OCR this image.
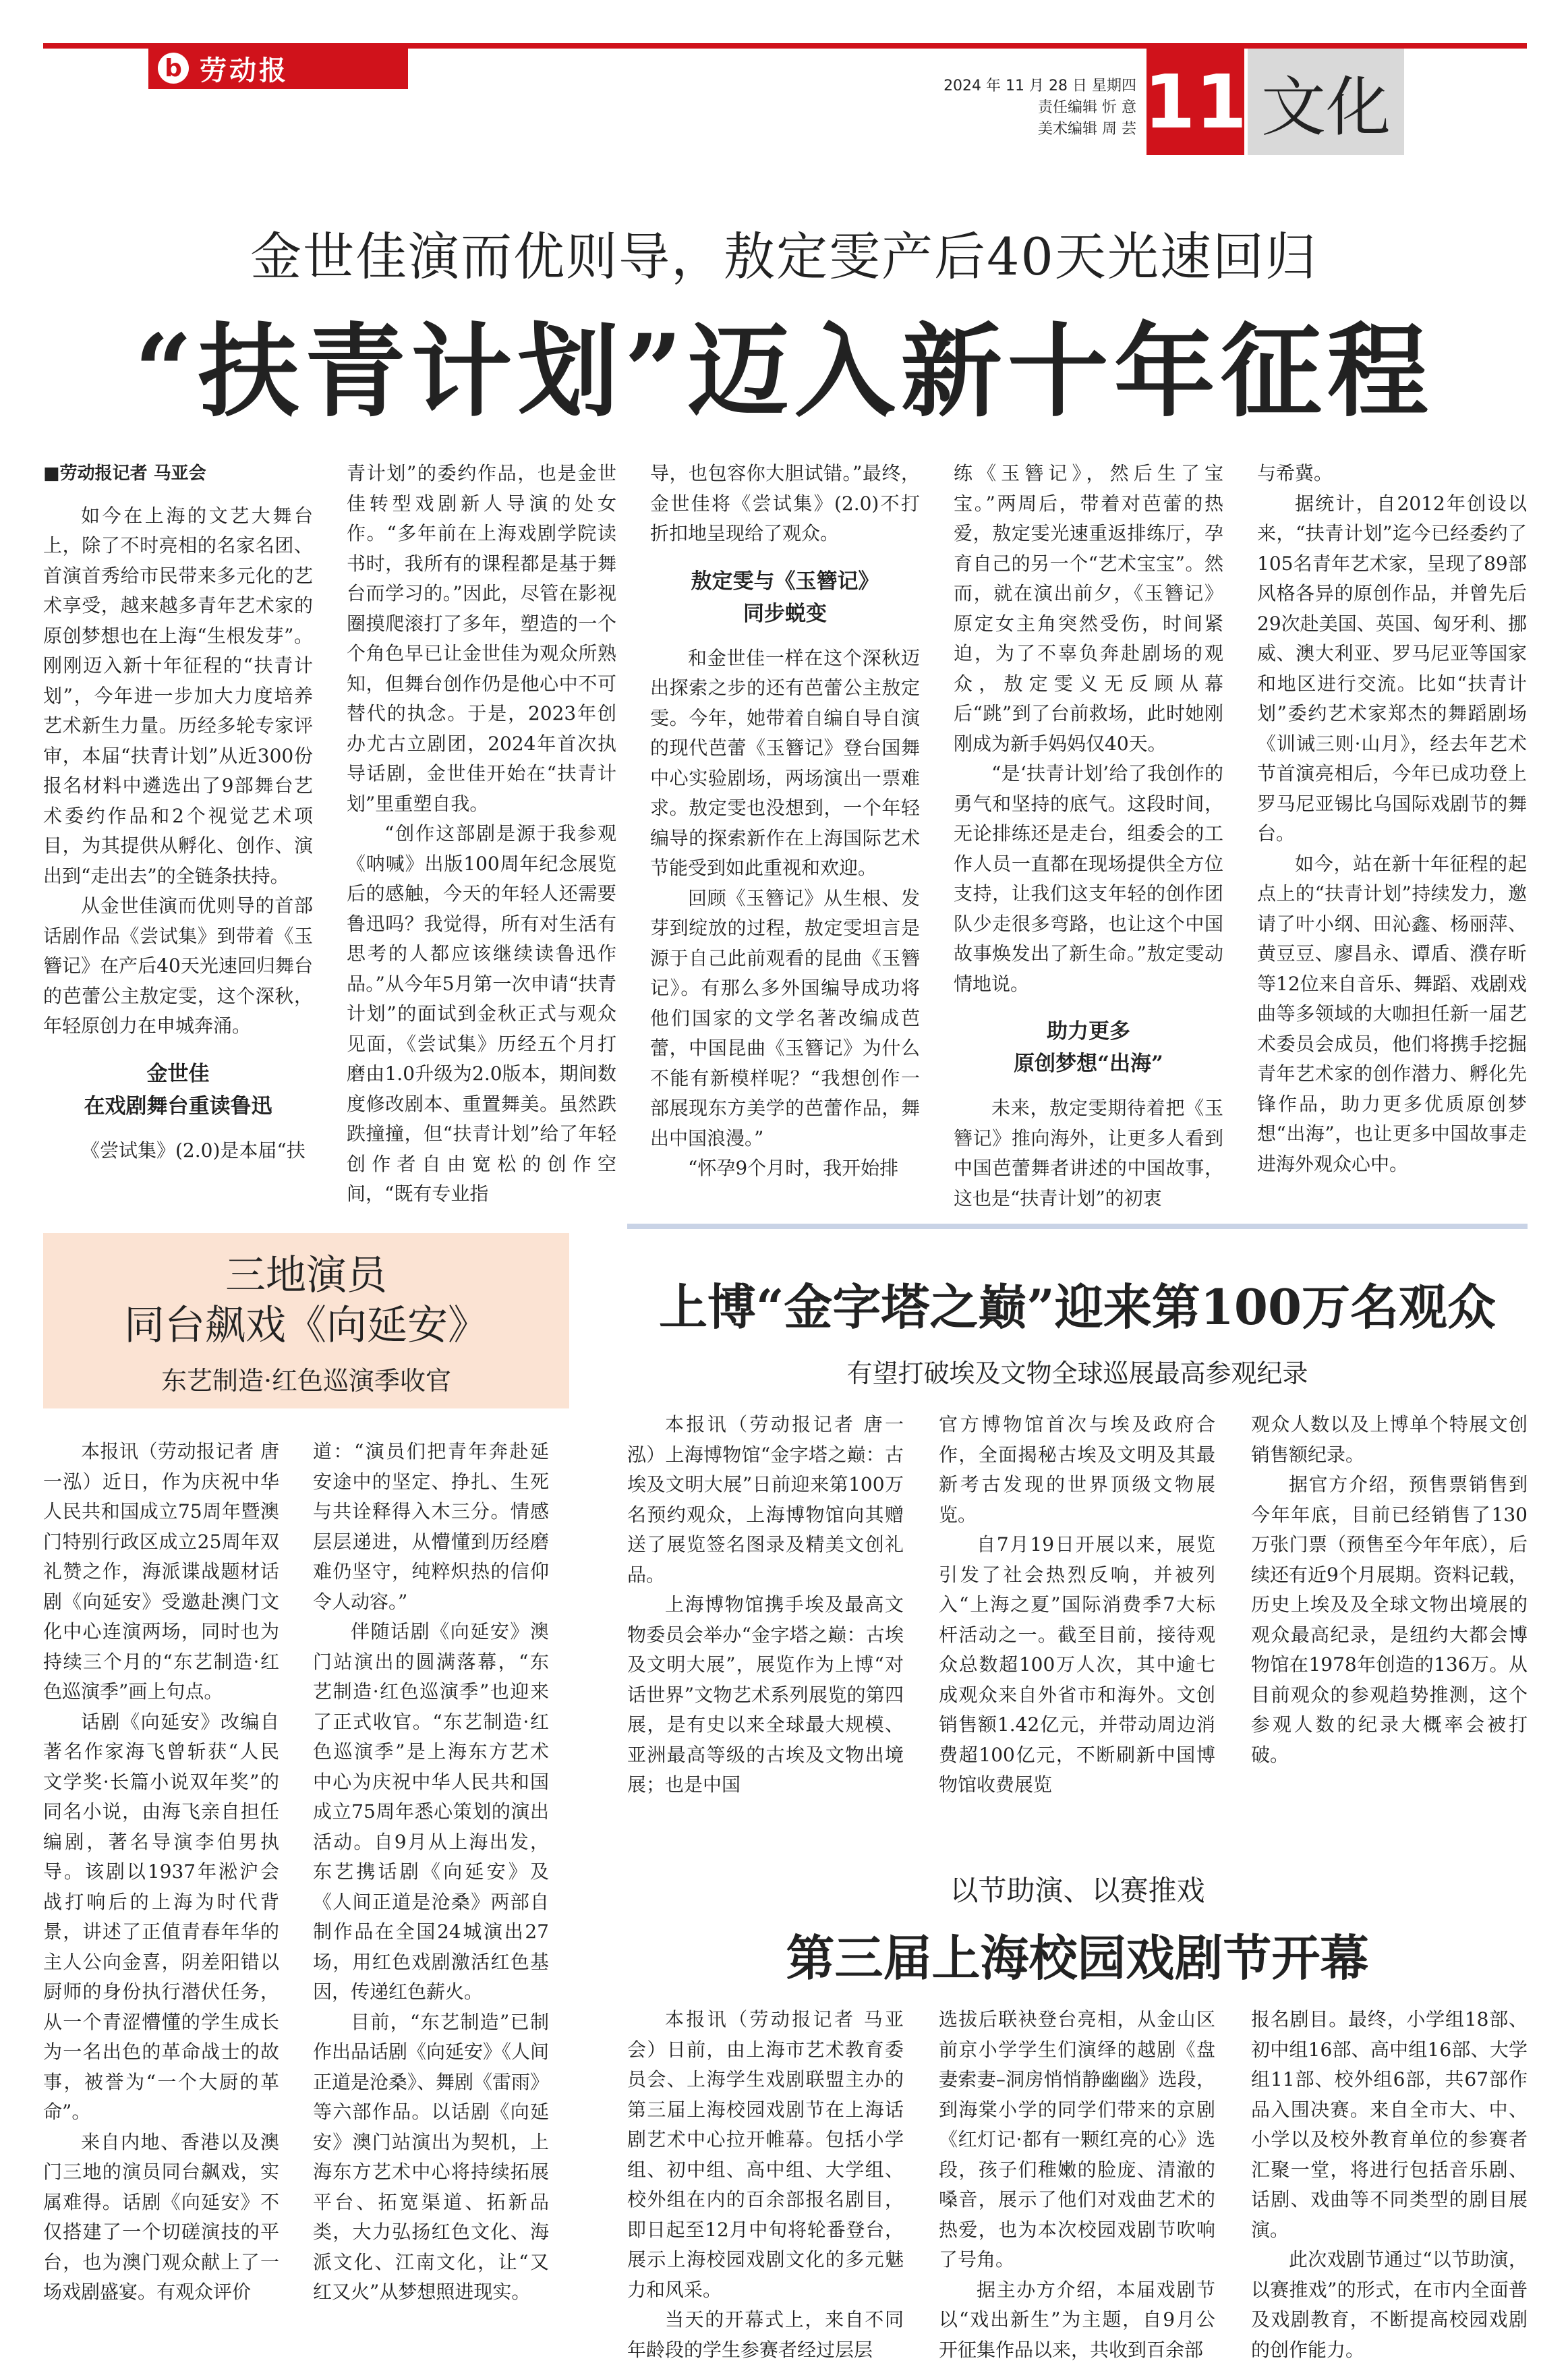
b 劳动报	2024 年 11 月 28 日 星期四
责任编辑 忻 意
美术编辑 周 芸 11 文化
金世佳演而优则导，敖定雯产后40天光速回归
“扶青计划”迈入新十年征程

■劳动报记者 马亚会

如今在上海的文艺大舞台上，除了不时亮相的名家名团、首演首秀给市民带来多元化的艺术享受，越来越多青年艺术家的原创梦想也在上海“生根发芽”。刚刚迈入新十年征程的“扶青计划”，今年进一步加大力度培养艺术新生力量。历经多轮专家评审，本届“扶青计划”从近300份报名材料中遴选出了9部舞台艺术委约作品和2个视觉艺术项目，为其提供从孵化、创作、演出到“走出去”的全链条扶持。

从金世佳演而优则导的首部话剧作品《尝试集》到带着《玉簪记》在产后40天光速回归舞台的芭蕾公主敖定雯，这个深秋，年轻原创力在申城奔涌。

金世佳
在戏剧舞台重读鲁迅

《尝试集》(2.0)是本届“扶

青计划”的委约作品，也是金世佳转型戏剧新人导演的处女作。“多年前在上海戏剧学院读书时，我所有的课程都是基于舞台而学习的。”因此，尽管在影视圈摸爬滚打了多年，塑造的一个个角色早已让金世佳为观众所熟知，但舞台创作仍是他心中不可替代的执念。于是，2023年创办尤古立剧团，2024年首次执导话剧，金世佳开始在“扶青计划”里重塑自我。

“创作这部剧是源于我参观《呐喊》出版100周年纪念展览后的感触，今天的年轻人还需要鲁迅吗？我觉得，所有对生活有思考的人都应该继续读鲁迅作品。”从今年5月第一次申请“扶青计划”的面试到金秋正式与观众见面，《尝试集》历经五个月打磨由1.0升级为2.0版本，期间数度修改剧本、重置舞美。虽然跌跌撞撞，但“扶青计划”给了年轻创作者自由宽松的创作空间，“既有专业指

导，也包容你大胆试错。”最终，金世佳将《尝试集》(2.0)不打折扣地呈现给了观众。

敖定雯与《玉簪记》
同步蜕变

和金世佳一样在这个深秋迈出探索之步的还有芭蕾公主敖定雯。今年，她带着自编自导自演的现代芭蕾《玉簪记》登台国舞中心实验剧场，两场演出一票难求。敖定雯也没想到，一个年轻编导的探索新作在上海国际艺术节能受到如此重视和欢迎。

回顾《玉簪记》从生根、发芽到绽放的过程，敖定雯坦言是源于自己此前观看的昆曲《玉簪记》。有那么多外国编导成功将他们国家的文学名著改编成芭蕾，中国昆曲《玉簪记》为什么不能有新模样呢？“我想创作一部展现东方美学的芭蕾作品，舞出中国浪漫。”

“怀孕9个月时，我开始排

练《玉簪记》，然后生了宝宝。”两周后，带着对芭蕾的热爱，敖定雯光速重返排练厅，孕育自己的另一个“艺术宝宝”。然而，就在演出前夕，《玉簪记》原定女主角突然受伤，时间紧迫，为了不辜负奔赴剧场的观众，敖定雯义无反顾从幕后“跳”到了台前救场，此时她刚刚成为新手妈妈仅40天。

“是‘扶青计划’给了我创作的勇气和坚持的底气。这段时间，无论排练还是走台，组委会的工作人员一直都在现场提供全方位支持，让我们这支年轻的创作团队少走很多弯路，也让这个中国故事焕发出了新生命。”敖定雯动情地说。

助力更多
原创梦想“出海”

未来，敖定雯期待着把《玉簪记》推向海外，让更多人看到中国芭蕾舞者讲述的中国故事，这也是“扶青计划”的初衷

与希冀。

据统计，自2012年创设以来，“扶青计划”迄今已经委约了105名青年艺术家，呈现了89部风格各异的原创作品，并曾先后29次赴美国、英国、匈牙利、挪威、澳大利亚、罗马尼亚等国家和地区进行交流。比如“扶青计划”委约艺术家郑杰的舞蹈剧场《训诫三则·山月》，经去年艺术节首演亮相后，今年已成功登上罗马尼亚锡比乌国际戏剧节的舞台。

如今，站在新十年征程的起点上的“扶青计划”持续发力，邀请了叶小纲、田沁鑫、杨丽萍、黄豆豆、廖昌永、谭盾、濮存昕等12位来自音乐、舞蹈、戏剧戏曲等多领域的大咖担任新一届艺术委员会成员，他们将携手挖掘青年艺术家的创作潜力、孵化先锋作品，助力更多优质原创梦想“出海”，也让更多中国故事走进海外观众心中。

三地演员
同台飙戏《向延安》
东艺制造·红色巡演季收官

本报讯（劳动报记者 唐一泓）近日，作为庆祝中华人民共和国成立75周年暨澳门特别行政区成立25周年双礼赞之作，海派谍战题材话剧《向延安》受邀赴澳门文化中心连演两场，同时也为持续三个月的“东艺制造·红色巡演季”画上句点。

话剧《向延安》改编自著名作家海飞曾斩获“人民文学奖·长篇小说双年奖”的同名小说，由海飞亲自担任编剧，著名导演李伯男执导。该剧以1937年淞沪会战打响后的上海为时代背景，讲述了正值青春年华的主人公向金喜，阴差阳错以厨师的身份执行潜伏任务，从一个青涩懵懂的学生成长为一名出色的革命战士的故事，被誉为“一个大厨的革命”。

来自内地、香港以及澳门三地的演员同台飙戏，实属难得。话剧《向延安》不仅搭建了一个切磋演技的平台，也为澳门观众献上了一场戏剧盛宴。有观众评价

道：“演员们把青年奔赴延安途中的坚定、挣扎、生死与共诠释得入木三分。情感层层递进，从懵懂到历经磨难仍坚守，纯粹炽热的信仰令人动容。”

伴随话剧《向延安》澳门站演出的圆满落幕，“东艺制造·红色巡演季”也迎来了正式收官。“东艺制造·红色巡演季”是上海东方艺术中心为庆祝中华人民共和国成立75周年悉心策划的演出活动。自9月从上海出发，东艺携话剧《向延安》及《人间正道是沧桑》两部自制作品在全国24城演出27场，用红色戏剧激活红色基因，传递红色薪火。

目前，“东艺制造”已制作出品话剧《向延安》《人间正道是沧桑》、舞剧《雷雨》等六部作品。以话剧《向延安》澳门站演出为契机，上海东方艺术中心将持续拓展平台、拓宽渠道、拓新品类，大力弘扬红色文化、海派文化、江南文化，让“又红又火”从梦想照进现实。

上博“金字塔之巅”迎来第100万名观众
有望打破埃及文物全球巡展最高参观纪录

本报讯（劳动报记者 唐一泓）上海博物馆“金字塔之巅：古埃及文明大展”日前迎来第100万名预约观众，上海博物馆向其赠送了展览签名图录及精美文创礼品。

上海博物馆携手埃及最高文物委员会举办“金字塔之巅：古埃及文明大展”，展览作为上博“对话世界”文物艺术系列展览的第四展，是有史以来全球最大规模、亚洲最高等级的古埃及文物出境展；也是中国

官方博物馆首次与埃及政府合作，全面揭秘古埃及文明及其最新考古发现的世界顶级文物展览。

自7月19日开展以来，展览引发了社会热烈反响，并被列入“上海之夏”国际消费季7大标杆活动之一。截至目前，接待观众总数超100万人次，其中逾七成观众来自外省市和海外。文创销售额1.42亿元，并带动周边消费超100亿元，不断刷新中国博物馆收费展览

观众人数以及上博单个特展文创销售额纪录。

据官方介绍，预售票销售到今年年底，目前已经销售了130万张门票（预售至今年年底），后续还有近9个月展期。资料记载，历史上埃及及全球文物出境展的观众最高纪录，是纽约大都会博物馆在1978年创造的136万。从目前观众的参观趋势推测，这个参观人数的纪录大概率会被打破。

以节助演、以赛推戏
第三届上海校园戏剧节开幕

本报讯（劳动报记者 马亚会）日前，由上海市艺术教育委员会、上海学生戏剧联盟主办的第三届上海校园戏剧节在上海话剧艺术中心拉开帷幕。包括小学组、初中组、高中组、大学组、校外组在内的百余部报名剧目，即日起至12月中旬将轮番登台，展示上海校园戏剧文化的多元魅力和风采。

当天的开幕式上，来自不同年龄段的学生参赛者经过层层

选拔后联袂登台亮相，从金山区前京小学学生们演绎的越剧《盘妻索妻–洞房悄悄静幽幽》选段，到海棠小学的同学们带来的京剧《红灯记·都有一颗红亮的心》选段，孩子们稚嫩的脸庞、清澈的嗓音，展示了他们对戏曲艺术的热爱，也为本次校园戏剧节吹响了号角。

据主办方介绍，本届戏剧节以“戏出新生”为主题，自9月公开征集作品以来，共收到百余部

报名剧目。最终，小学组18部、初中组16部、高中组16部、大学组11部、校外组6部，共67部作品入围决赛。来自全市大、中、小学以及校外教育单位的参赛者汇聚一堂，将进行包括音乐剧、话剧、戏曲等不同类型的剧目展演。

此次戏剧节通过“以节助演，以赛推戏”的形式，在市内全面普及戏剧教育，不断提高校园戏剧的创作能力。
